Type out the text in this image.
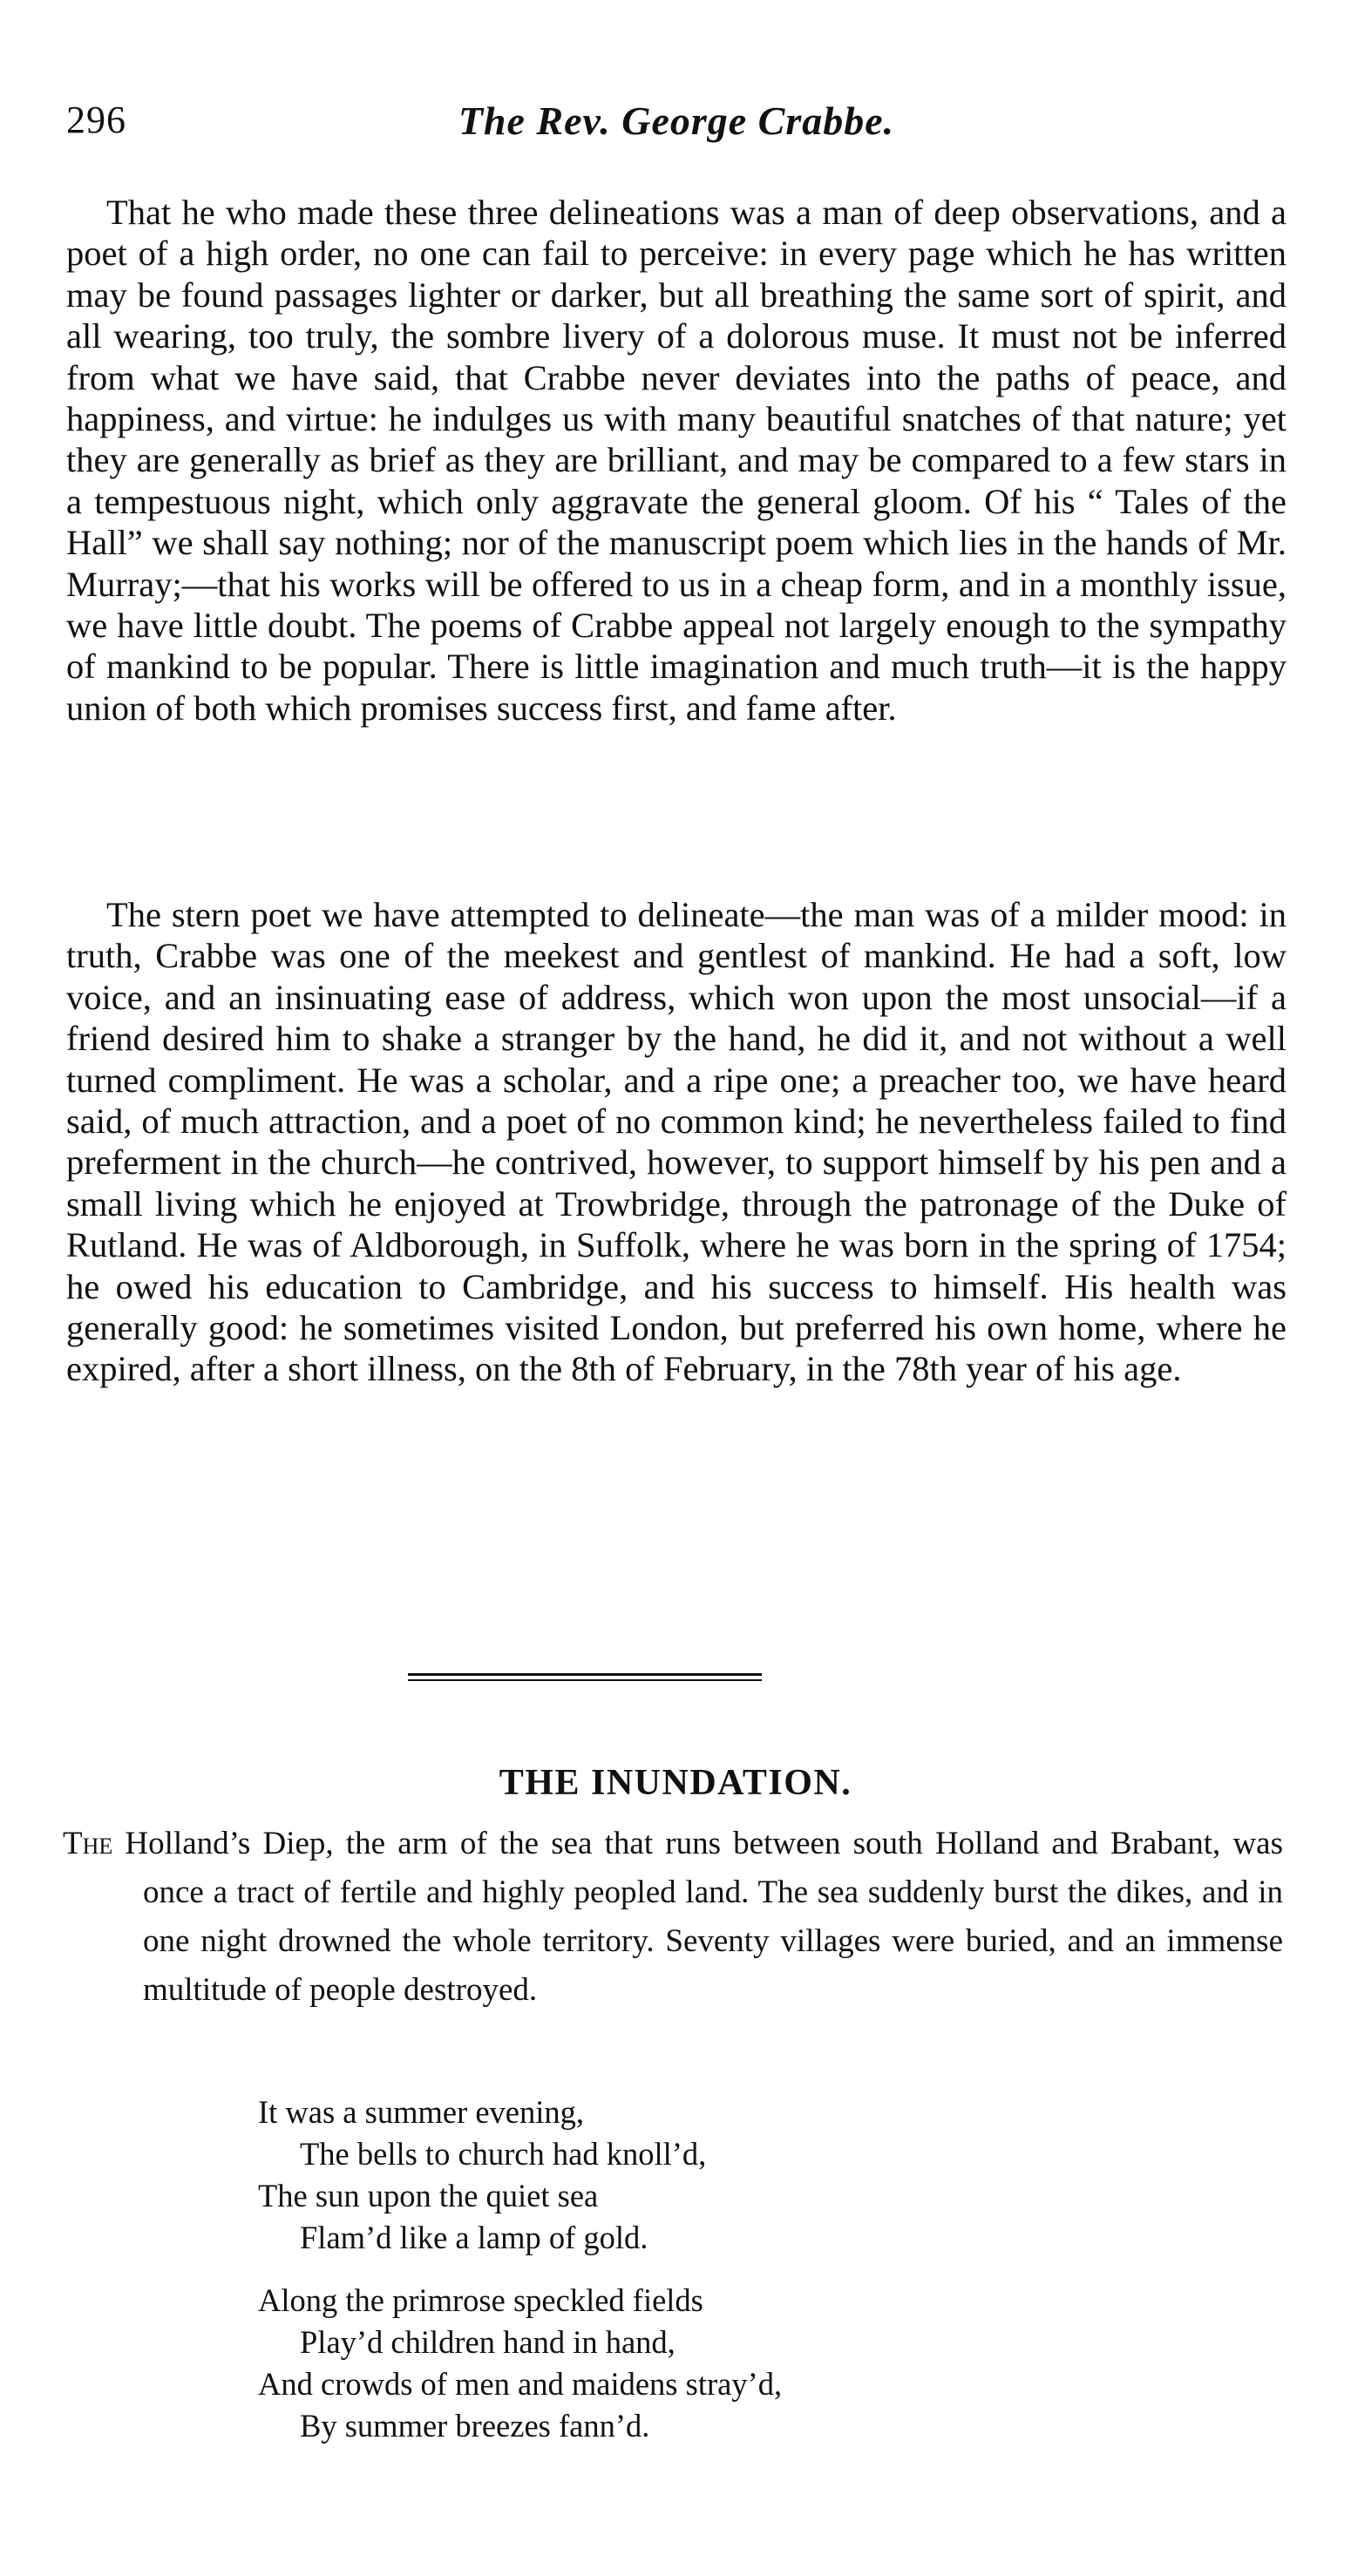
296	The Rev. George Crabbe.

That he who made these three delineations was a man of deep observations, and a poet of a high order, no one can fail to perceive: in every page which he has written may be found passages lighter or darker, but all breathing the same sort of spirit, and all wearing, too truly, the sombre livery of a dolorous muse. It must not be inferred from what we have said, that Crabbe never deviates into the paths of peace, and happiness, and virtue: he indulges us with many beautiful snatches of that nature; yet they are generally as brief as they are brilliant, and may be compared to a few stars in a tempestuous night, which only aggravate the general gloom. Of his “ Tales of the Hall” we shall say nothing; nor of the manuscript poem which lies in the hands of Mr. Murray;—that his works will be offered to us in a cheap form, and in a monthly issue, we have little doubt. The poems of Crabbe appeal not largely enough to the sympathy of mankind to be popular. There is little imagination and much truth—it is the happy union of both which promises success first, and fame after.

The stern poet we have attempted to delineate—the man was of a milder mood: in truth, Crabbe was one of the meekest and gentlest of mankind. He had a soft, low voice, and an insinuating ease of address, which won upon the most unsocial—if a friend desired him to shake a stranger by the hand, he did it, and not without a well turned compliment. He was a scholar, and a ripe one; a preacher too, we have heard said, of much attraction, and a poet of no common kind; he nevertheless failed to find preferment in the church—he contrived, however, to support himself by his pen and a small living which he enjoyed at Trowbridge, through the patronage of the Duke of Rutland. He was of Aldborough, in Suffolk, where he was born in the spring of 1754; he owed his education to Cambridge, and his success to himself. His health was generally good: he sometimes visited London, but preferred his own home, where he expired, after a short illness, on the 8th of February, in the 78th year of his age.

THE INUNDATION.

The Holland’s Diep, the arm of the sea that runs between south Holland and Brabant, was once a tract of fertile and highly peopled land. The sea suddenly burst the dikes, and in one night drowned the whole territory. Seventy villages were buried, and an immense multitude of people destroyed.

It was a summer evening,
The bells to church had knoll’d,
The sun upon the quiet sea
Flam’d like a lamp of gold.
Along the primrose speckled fields
Play’d children hand in hand,
And crowds of men and maidens stray’d,
By summer breezes fann’d.
